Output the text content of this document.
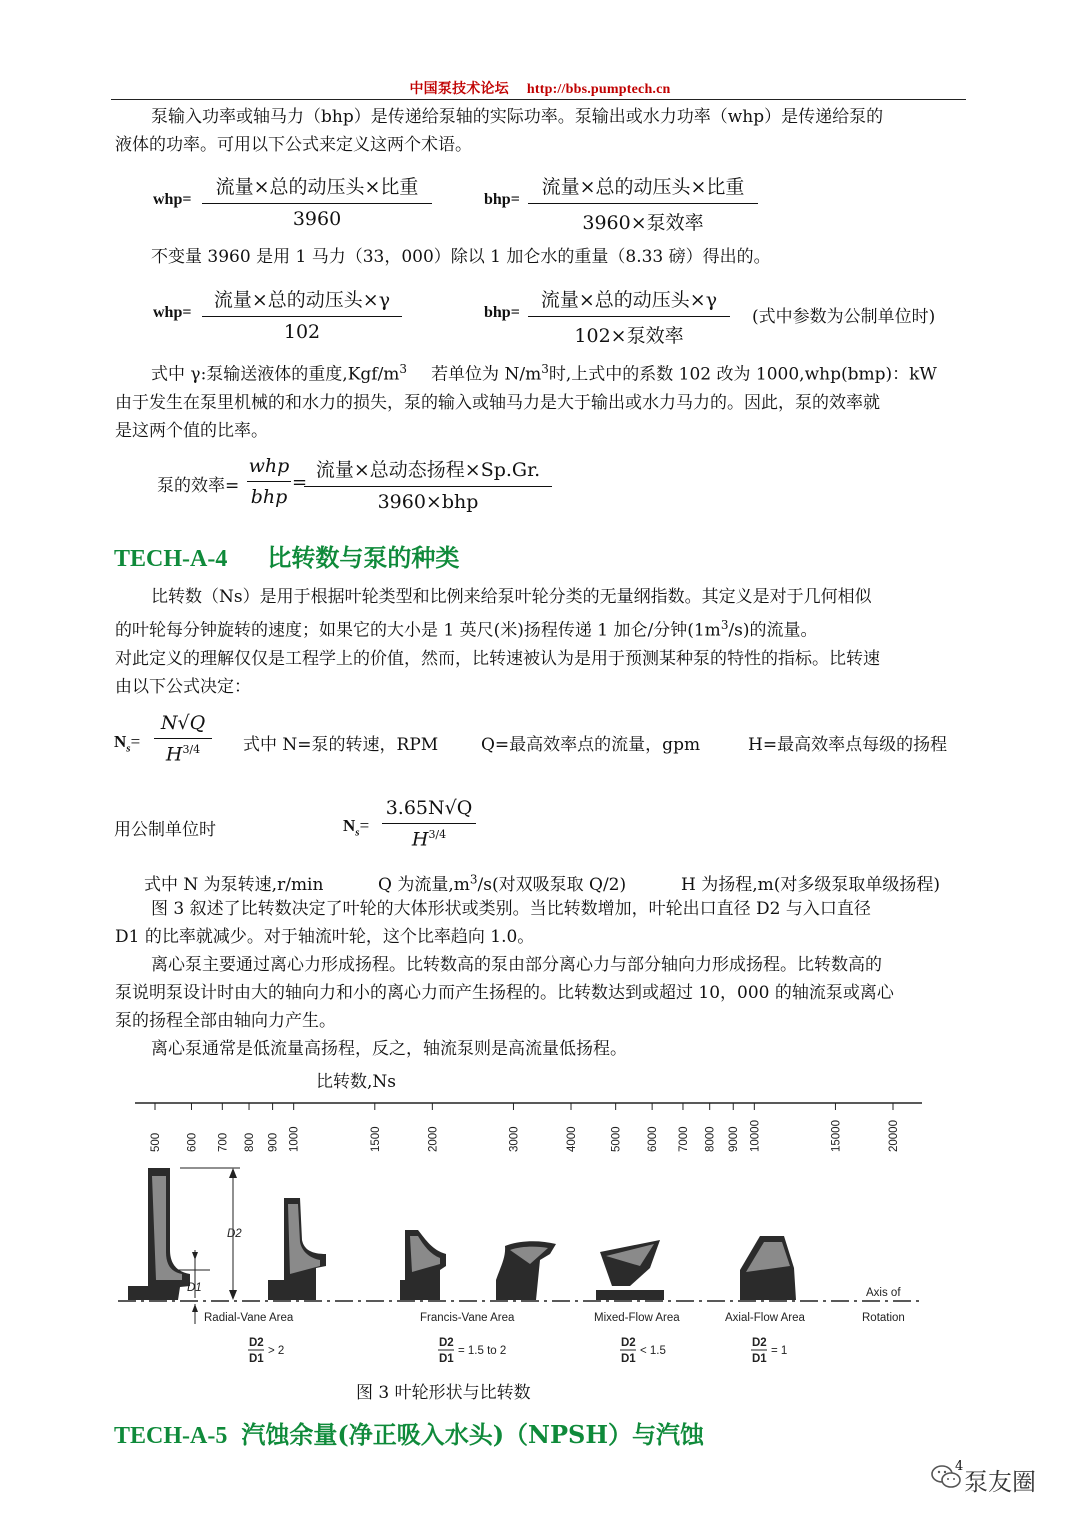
中国泵技术论坛 http://bbs.pumptech.cn
泵输入功率或轴马力（bhp）是传递给泵轴的实际功率。泵输出或水力功率（whp）是传递给泵的
液体的功率。可用以下公式来定义这两个术语。
whp=
流量×总的动压头×比重
3960
bhp=
流量×总的动压头×比重
3960×泵效率
不变量 3960 是用 1 马力（33，000）除以 1 加仑水的重量（8.33 磅）得出的。
whp=
流量×总的动压头×γ
102
bhp=
流量×总的动压头×γ
102×泵效率
(式中参数为公制单位时)
式中 γ:泵输送液体的重度$,Kgf/m^3$ 若单位为 $N/m^3$时,上式中的系数 102 改为 1000,whp(bmp)：kW
由于发生在泵里机械的和水力的损失，泵的输入或轴马力是大于输出或水力马力的。因此，泵的效率就
是这两个值的比率。
泵的效率=
whp
bhp
=
流量×总动态扬程×Sp.Gr.
3960×bhp
TECH-A-4 比转数与泵的种类
比转数（Ns）是用于根据叶轮类型和比例来给泵叶轮分类的无量纲指数。其定义是对于几何相似
的叶轮每分钟旋转的速度；如果它的大小是 1 英尺(米)扬程传递 1 加仑/分钟$(1m^3/s)$的流量。
对此定义的理解仅仅是工程学上的价值，然而，比转速被认为是用于预测某种泵的特性的指标。比转速
由以下公式决定：
$N_s=$
N√Q
$H^{3/4}$	式中 N=泵的转速，RPM	Q=最高效率点的流量，gpm	H=最高效率点每级的扬程
用公制单位时	$N_s=$
3.65N√Q
$H^{3/4}$
式中 N 为泵转速,r/min	Q 为流量$,m^3/s$(对双吸泵取 Q/2)	H 为扬程,m(对多级泵取单级扬程)
图 3 叙述了比转数决定了叶轮的大体形状或类别。当比转数增加，叶轮出口直径 D2 与入口直径
D1 的比率就减少。对于轴流叶轮，这个比率趋向 1.0。
离心泵主要通过离心力形成扬程。比转数高的泵由部分离心力与部分轴向力形成扬程。比转数高的
泵说明泵设计时由大的轴向力和小的离心力而产生扬程的。比转数达到或超过 10，000 的轴流泵或离心
泵的扬程全部由轴向力产生。
离心泵通常是低流量高扬程，反之，轴流泵则是高流量低扬程。
比转数,Ns
500 600 700 800 900 1000	1500	2000	3000	4000	5000 6000 7000 8000 9000 10000	15000	20000
D2
D1
Radial-Vane Area	Francis-Vane Area	Mixed-Flow Area	Axial-Flow Area
Axis of
Rotation
D2
D1
> 2
D2
D1
= 1.5 to 2
D2
D1
< 1.5
D2
D1
= 1
图 3 叶轮形状与比转数
TECH-A-5 汽蚀余量(净正吸入水头)（NPSH）与汽蚀
4
泵友圈
